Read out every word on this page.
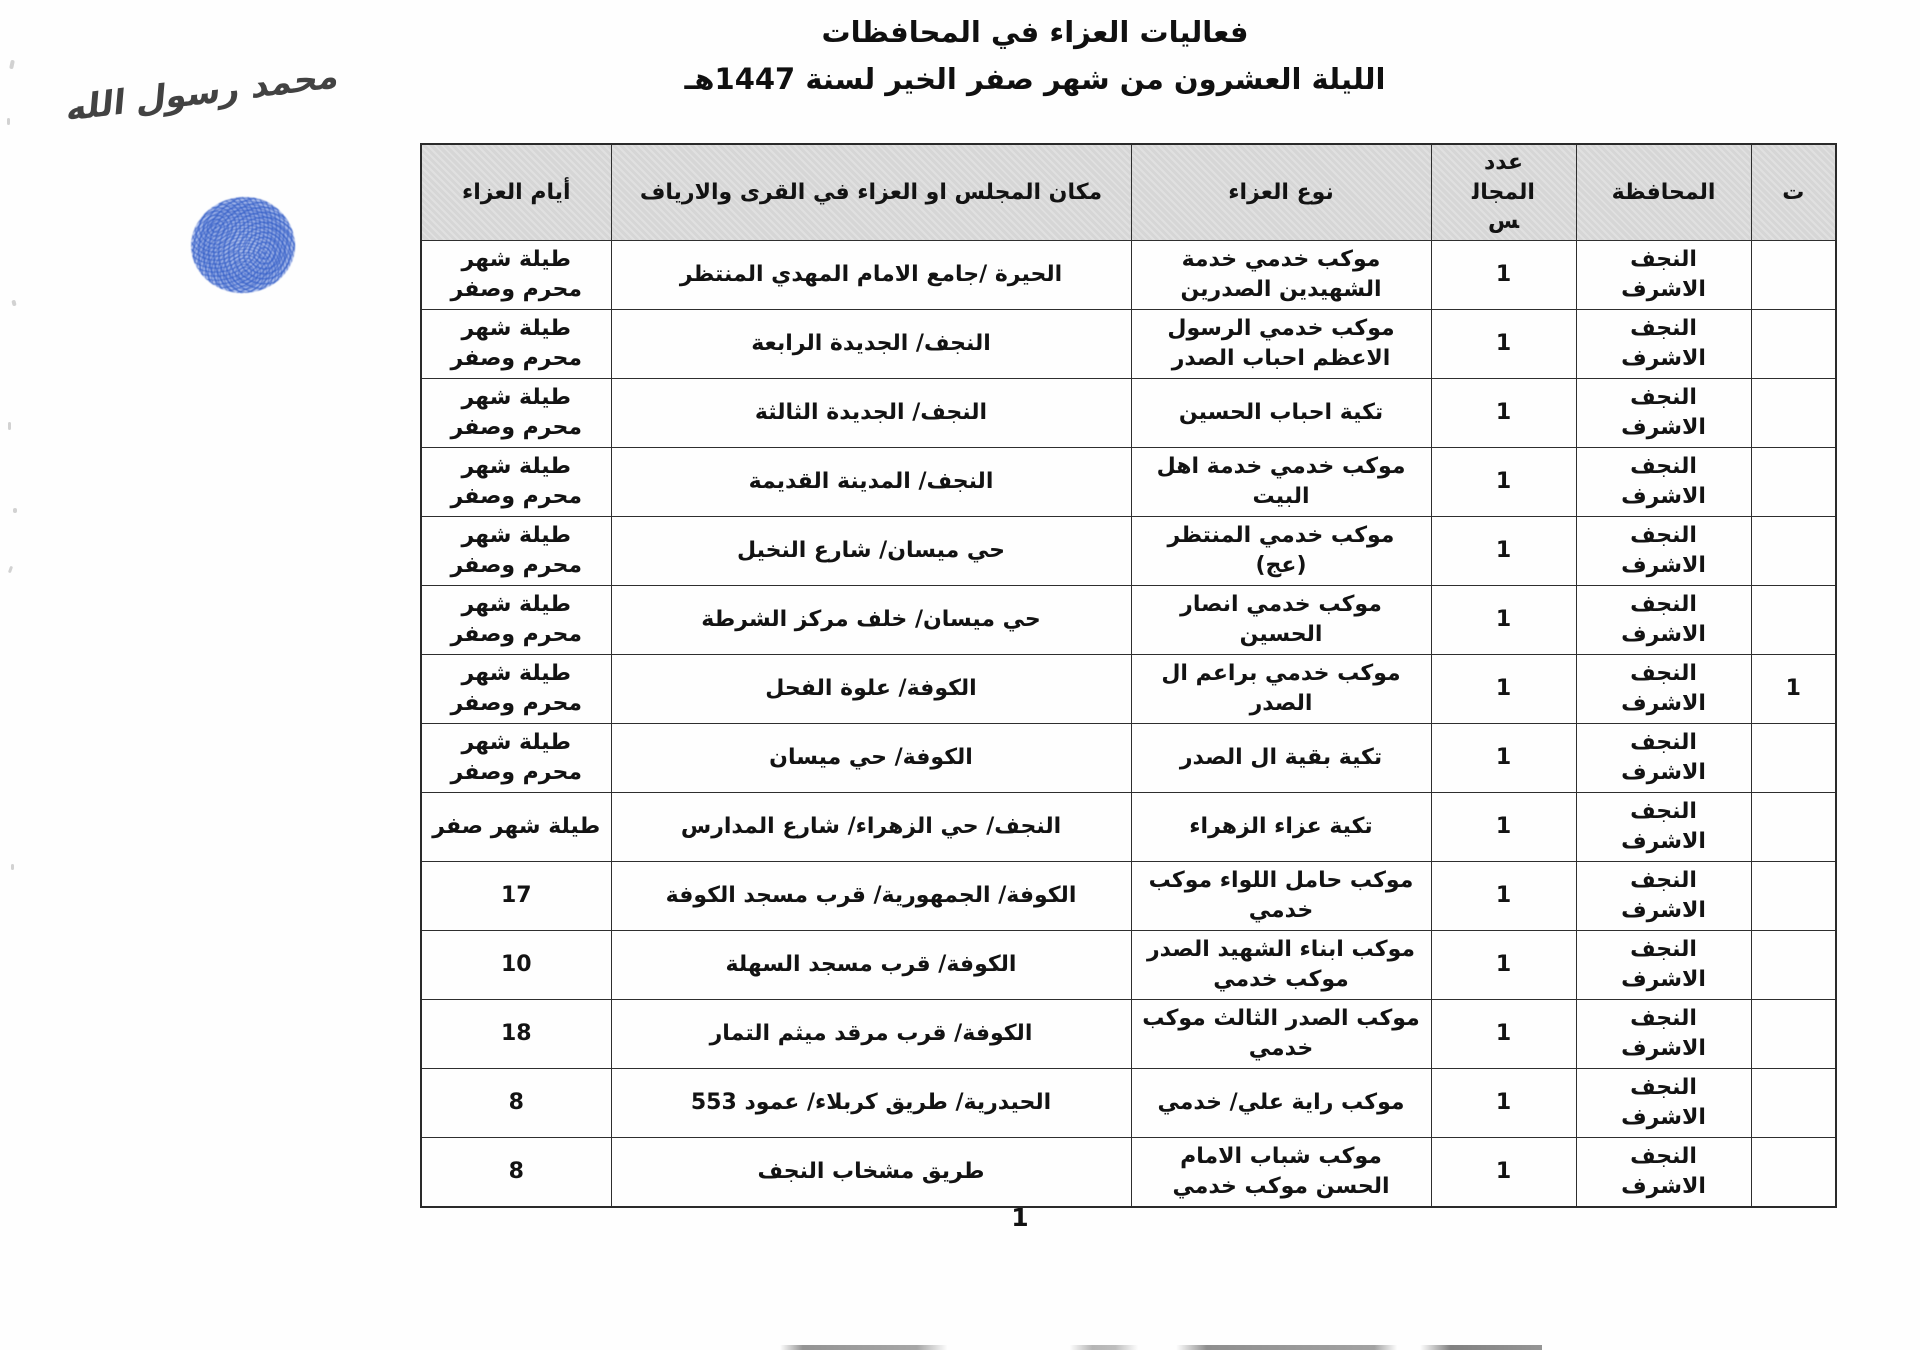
فعاليات العزاء في المحافظات
الليلة العشرون من شهر صفر الخير لسنة 1447هـ
محمد رسول الله
ت	المحافظة	عدد المجالس	نوع العزاء	مكان المجلس او العزاء في القرى والارياف	أيام العزاء
	النجف الاشرف	1	موكب خدمي خدمة الشهيدين الصدرين	الحيرة /جامع الامام المهدي المنتظر	طيلة شهر محرم وصفر
	النجف الاشرف	1	موكب خدمي الرسول الاعظم احباب الصدر	النجف/ الجديدة الرابعة	طيلة شهر محرم وصفر
	النجف الاشرف	1	تكية احباب الحسين	النجف/ الجديدة الثالثة	طيلة شهر محرم وصفر
	النجف الاشرف	1	موكب خدمي خدمة اهل البيت	النجف/ المدينة القديمة	طيلة شهر محرم وصفر
	النجف الاشرف	1	موكب خدمي المنتظر (عج)	حي ميسان/ شارع النخيل	طيلة شهر محرم وصفر
	النجف الاشرف	1	موكب خدمي انصار الحسين	حي ميسان/ خلف مركز الشرطة	طيلة شهر محرم وصفر
1	النجف الاشرف	1	موكب خدمي براعم ال الصدر	الكوفة/ علوة الفحل	طيلة شهر محرم وصفر
	النجف الاشرف	1	تكية بقية ال الصدر	الكوفة/ حي ميسان	طيلة شهر محرم وصفر
	النجف الاشرف	1	تكية عزاء الزهراء	النجف/ حي الزهراء/ شارع المدارس	طيلة شهر صفر
	النجف الاشرف	1	موكب حامل اللواء موكب خدمي	الكوفة/ الجمهورية/ قرب مسجد الكوفة	17
	النجف الاشرف	1	موكب ابناء الشهيد الصدر موكب خدمي	الكوفة/ قرب مسجد السهلة	10
	النجف الاشرف	1	موكب الصدر الثالث موكب خدمي	الكوفة/ قرب مرقد ميثم التمار	18
	النجف الاشرف	1	موكب راية علي/ خدمي	الحيدرية/ طريق كربلاء/ عمود 553	8
	النجف الاشرف	1	موكب شباب الامام الحسن موكب خدمي	طريق مشخاب النجف	8
1
